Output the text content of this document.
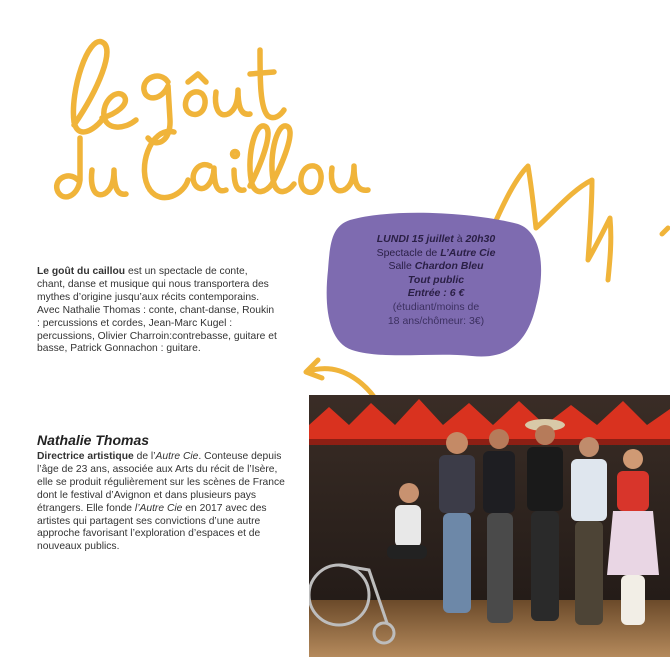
LUNDI 15 juillet à 20h30
Spectacle de L’Autre Cie
Salle Chardon Bleu
Tout public
Entrée : 6 €
(étudiant/moins de
18 ans/chômeur: 3€)

Le goût du caillou est un spectacle de conte, chant, danse et musique qui nous transportera des mythes d’origine jusqu’aux récits contemporains. Avec Nathalie Thomas : conte, chant-danse, Roukin : percussions et cordes, Jean-Marc Kugel : percussions, Olivier Charroin:contrebasse, guitare et basse, Patrick Gonnachon : guitare.

Nathalie Thomas

Directrice artistique de l’Autre Cie. Conteuse depuis l’âge de 23 ans, associée aux Arts du récit de l’Isère, elle se produit régulièrement sur les scènes de France dont le festival d’Avignon et dans plusieurs pays étrangers. Elle fonde l’Autre Cie en 2017 avec des artistes qui partagent ses convictions d’une autre approche favorisant l’exploration d’espaces et de nouveaux publics.
